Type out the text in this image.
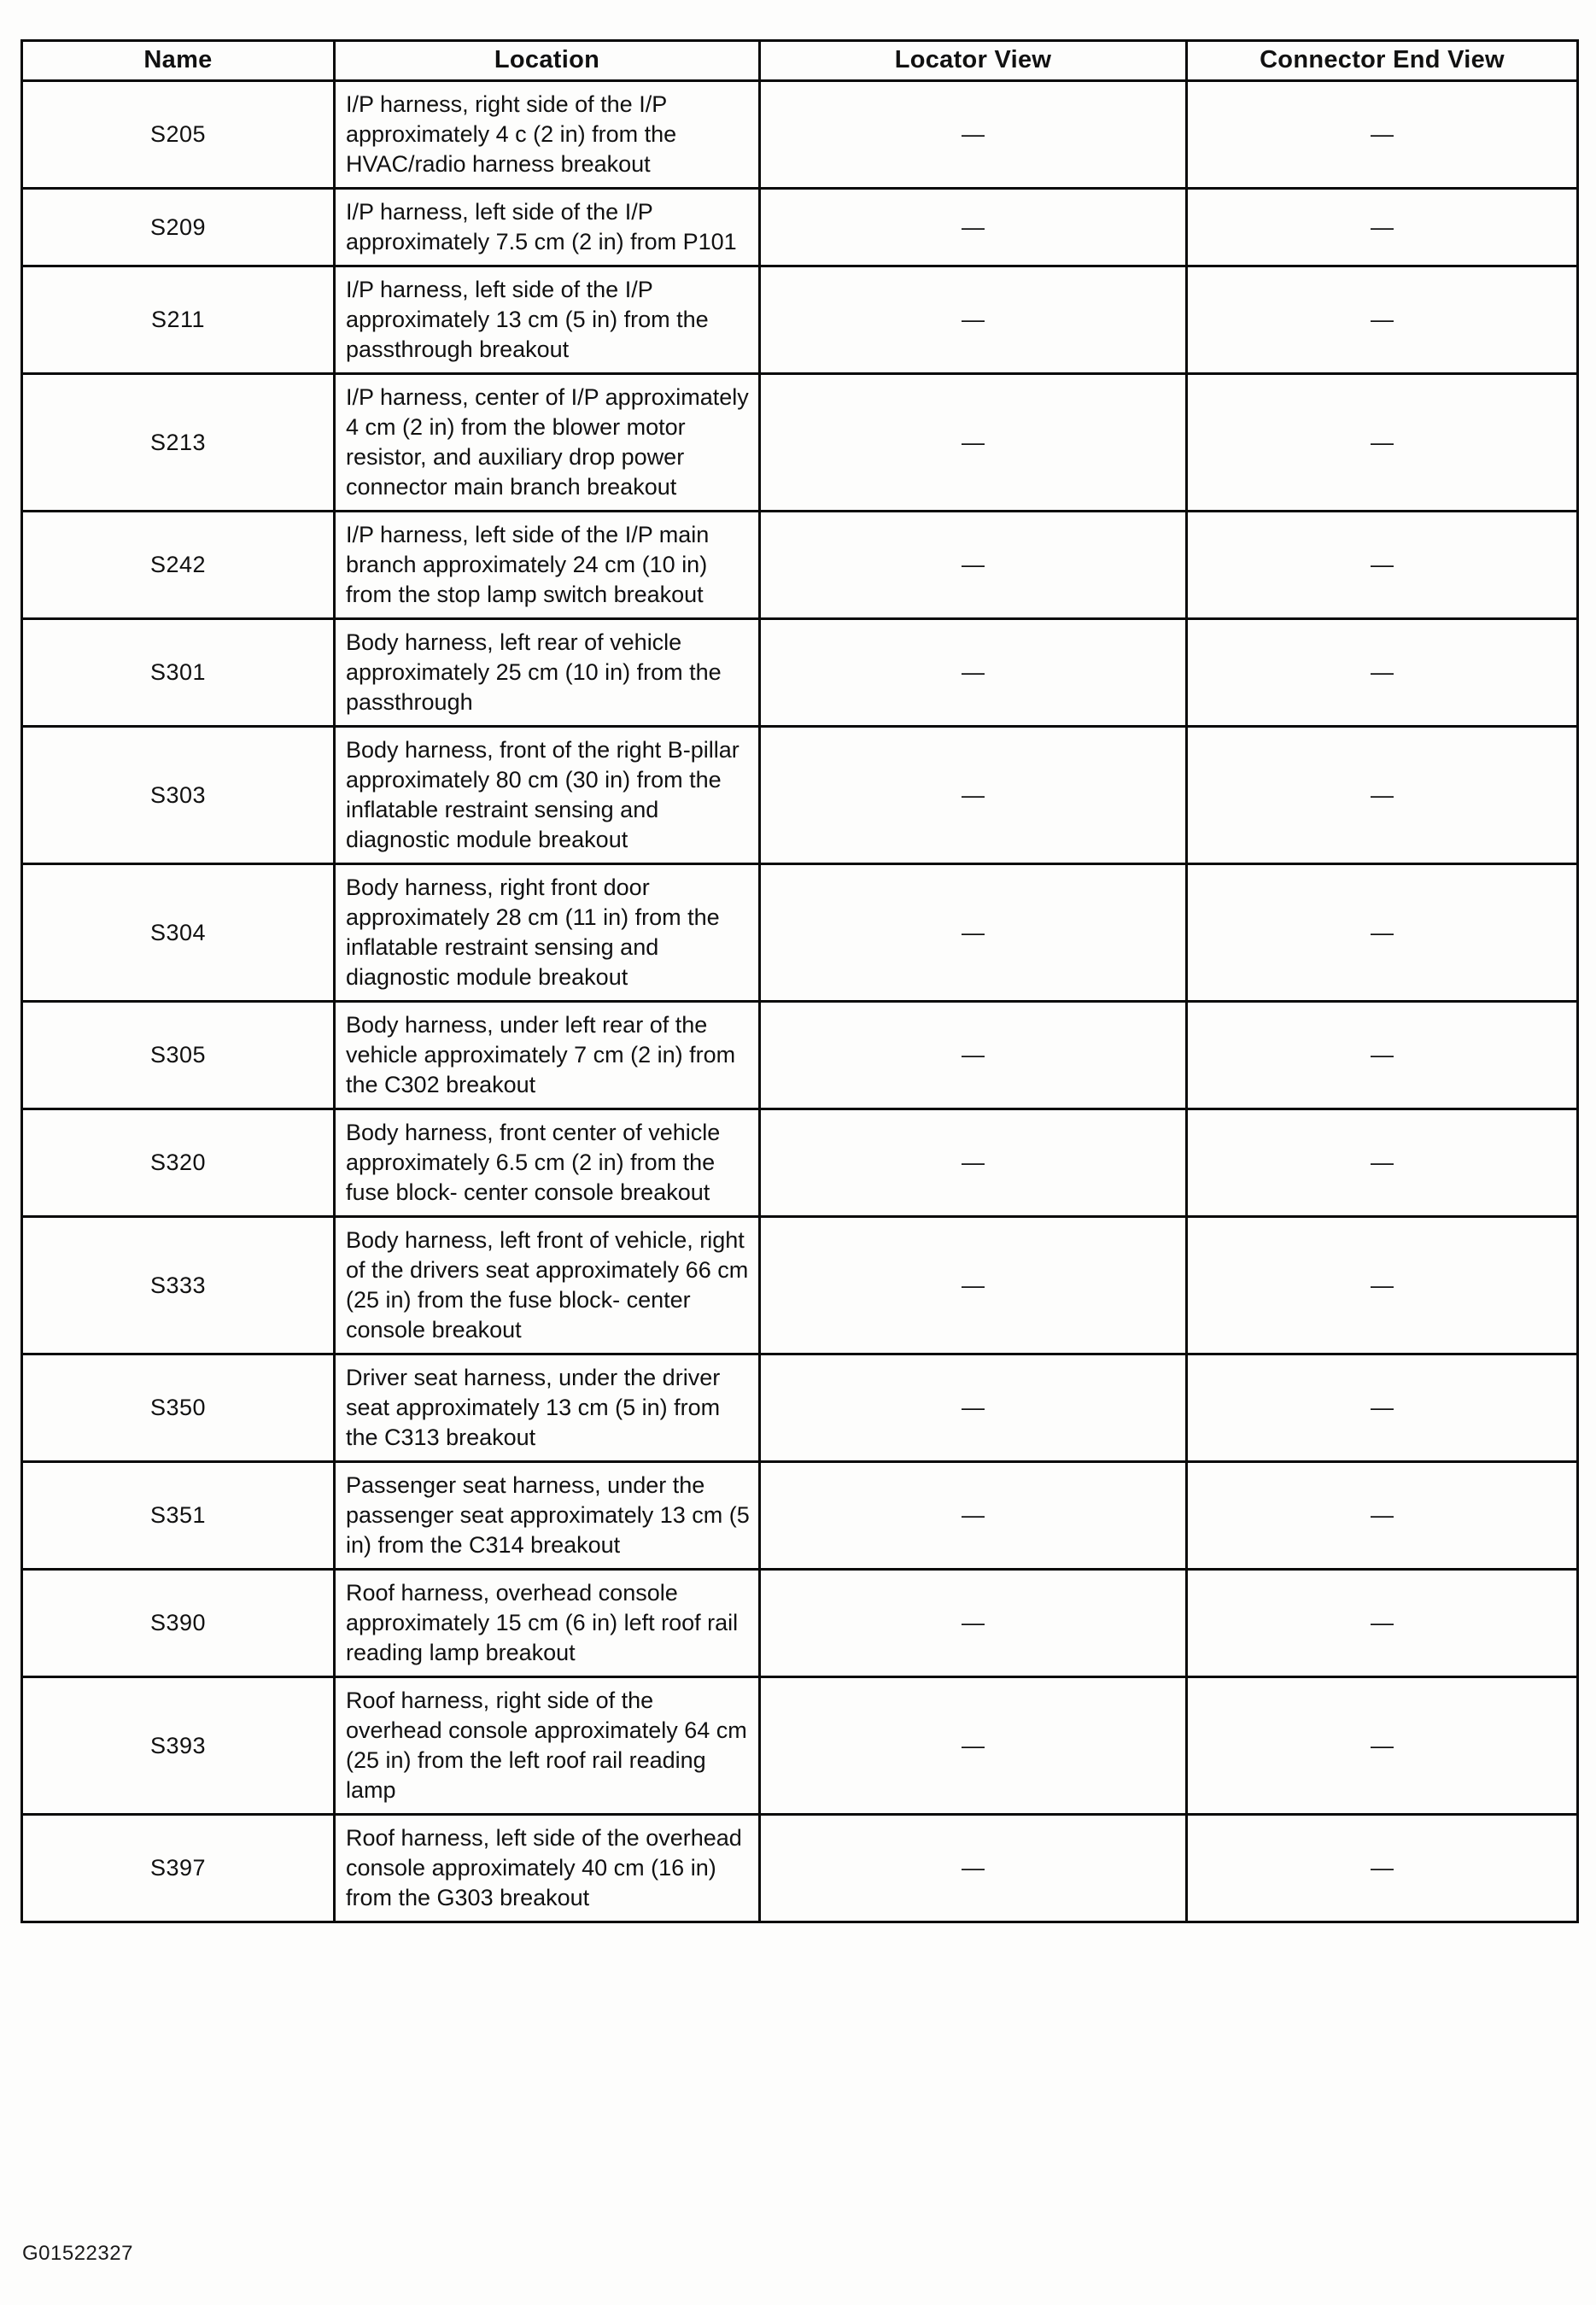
Name	Location	Locator View	Connector End View
S205	I/P harness, right side of the I/P approximately 4 c (2 in) from the HVAC/radio harness breakout	—	—
S209	I/P harness, left side of the I/P approximately 7.5 cm (2 in) from P101	—	—
S211	I/P harness, left side of the I/P approximately 13 cm (5 in) from the passthrough breakout	—	—
S213	I/P harness, center of I/P approximately 4 cm (2 in) from the blower motor resistor, and auxiliary drop power connector main branch breakout	—	—
S242	I/P harness, left side of the I/P main branch approximately 24 cm (10 in) from the stop lamp switch breakout	—	—
S301	Body harness, left rear of vehicle approximately 25 cm (10 in) from the passthrough	—	—
S303	Body harness, front of the right B-pillar approximately 80 cm (30 in) from the inflatable restraint sensing and diagnostic module breakout	—	—
S304	Body harness, right front door approximately 28 cm (11 in) from the inflatable restraint sensing and diagnostic module breakout	—	—
S305	Body harness, under left rear of the vehicle approximately 7 cm (2 in) from the C302 breakout	—	—
S320	Body harness, front center of vehicle approximately 6.5 cm (2 in) from the fuse block- center console breakout	—	—
S333	Body harness, left front of vehicle, right of the drivers seat approximately 66 cm (25 in) from the fuse block- center console breakout	—	—
S350	Driver seat harness, under the driver seat approximately 13 cm (5 in) from the C313 breakout	—	—
S351	Passenger seat harness, under the passenger seat approximately 13 cm (5 in) from the C314 breakout	—	—
S390	Roof harness, overhead console approximately 15 cm (6 in) left roof rail reading lamp breakout	—	—
S393	Roof harness, right side of the overhead console approximately 64 cm (25 in) from the left roof rail reading lamp	—	—
S397	Roof harness, left side of the overhead console approximately 40 cm (16 in) from the G303 breakout	—	—
G01522327
